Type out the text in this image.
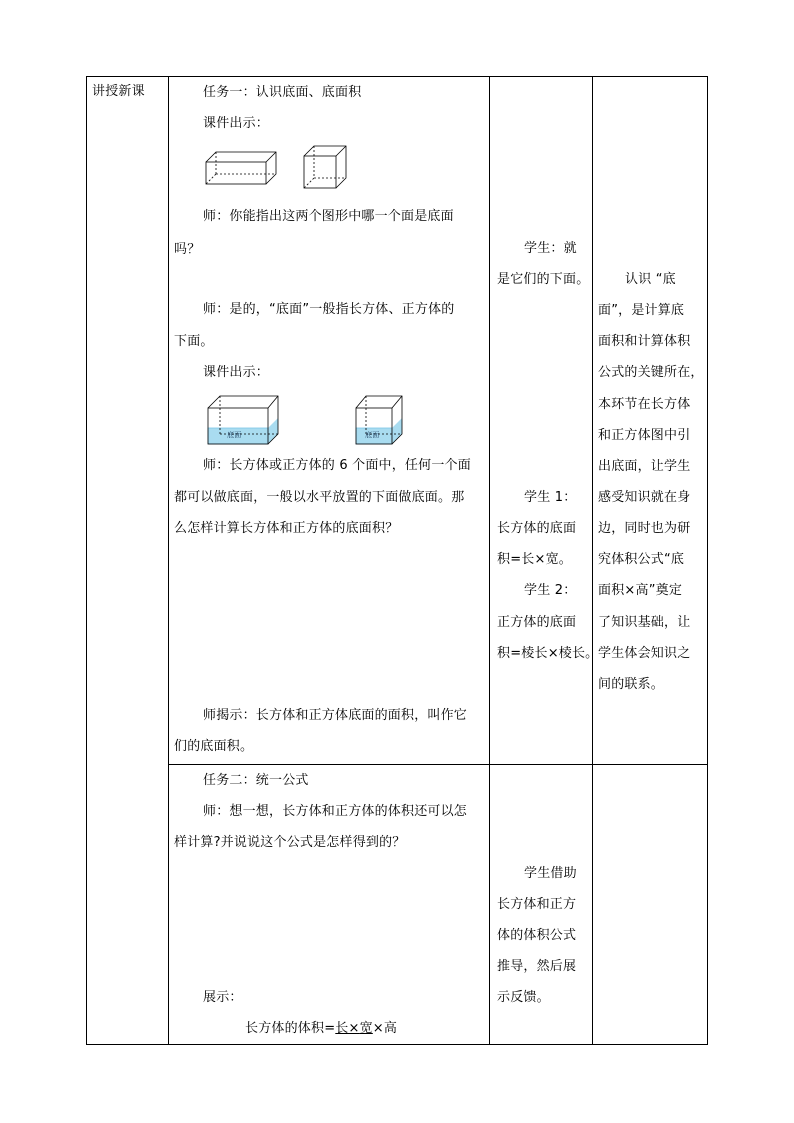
讲授新课	任务一：认识底面、底面积
课件出示：
师：你能指出这两个图形中哪一个面是底面
吗？
师：是的，“底面”一般指长方体、正方体的
下面。
课件出示：
底面	底面
师：长方体或正方体的 6 个面中，任何一个面
都可以做底面，一般以水平放置的下面做底面。那
么怎样计算长方体和正方体的底面积？
师揭示：长方体和正方体底面的面积，叫作它
们的底面积。
学生：就
是它们的下面。
学生 1：
长方体的底面
积=长×宽。
学生 2：
正方体的底面
积=棱长×棱长。
认识 “底
面”，是计算底
面积和计算体积
公式的关键所在，
本环节在长方体
和正方体图中引
出底面，让学生
感受知识就在身
边，同时也为研
究体积公式“底
面积×高”奠定
了知识基础，让
学生体会知识之
间的联系。
任务二：统一公式
师：想一想，长方体和正方体的体积还可以怎
样计算?并说说这个公式是怎样得到的？
展示：
长方体的体积=长×宽×高
学生借助
长方体和正方
体的体积公式
推导，然后展
示反馈。
